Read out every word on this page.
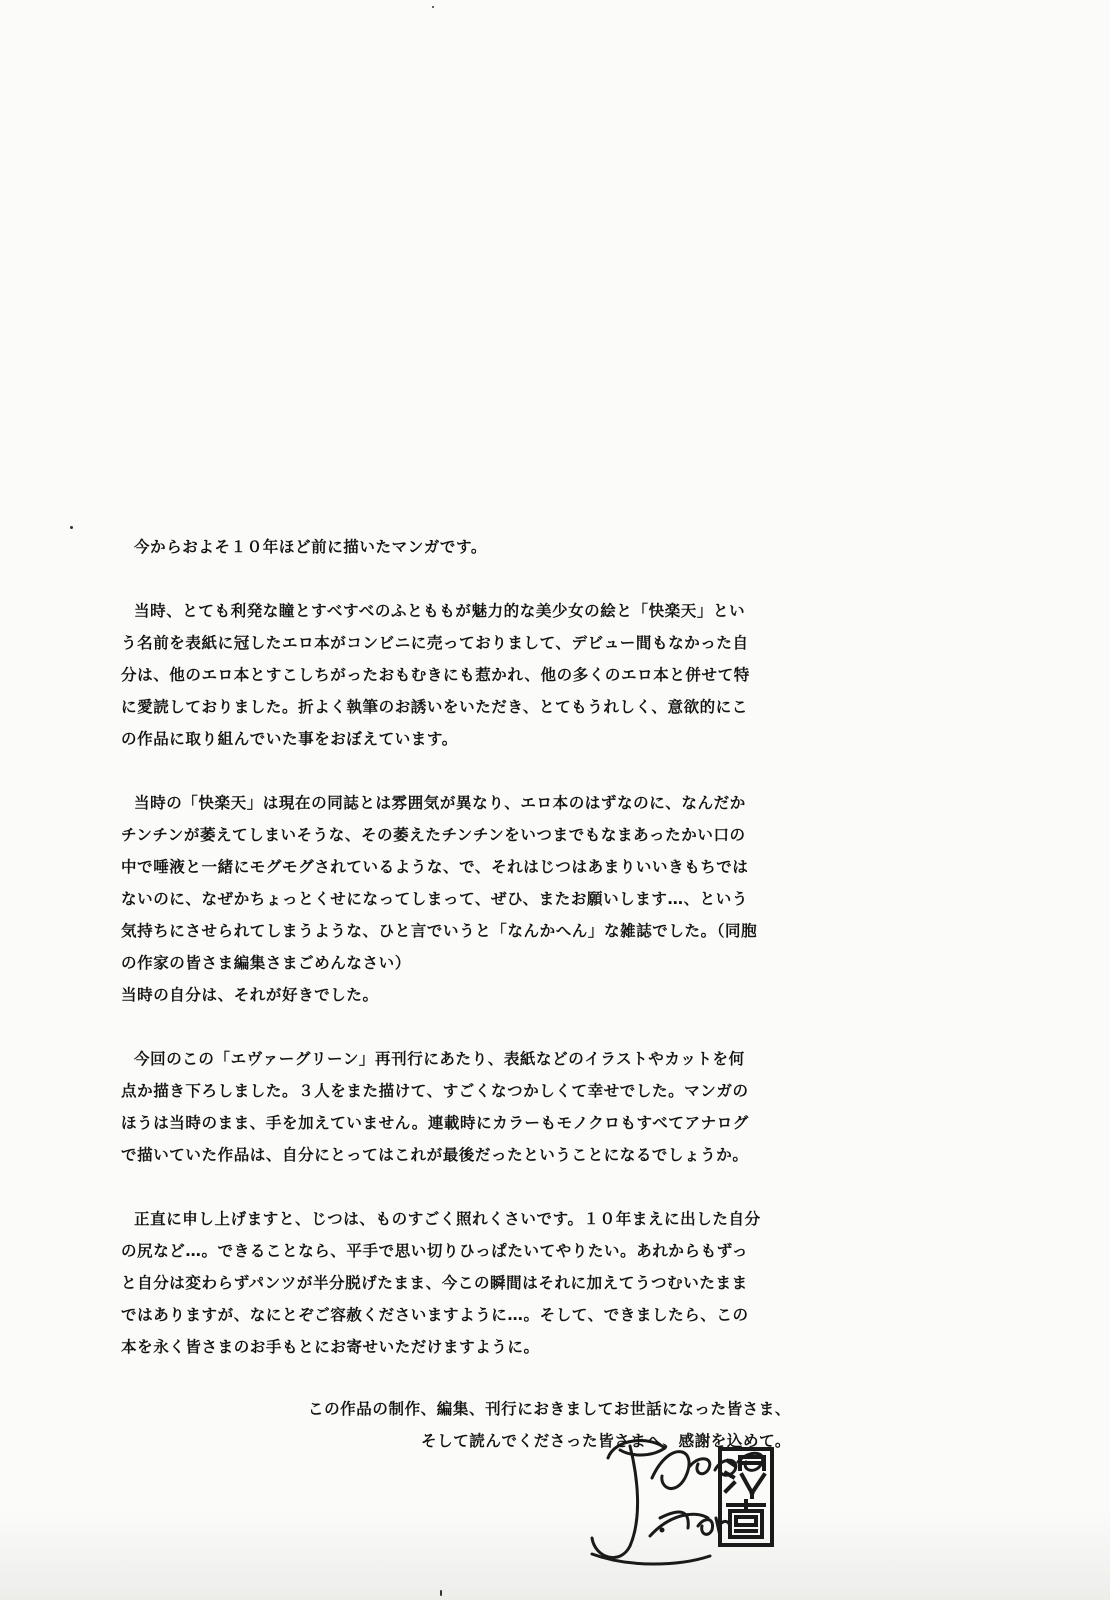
今からおよそ１０年ほど前に描いたマンガです。
当時、とても利発な瞳とすべすべのふとももが魅力的な美少女の絵と「快楽天」とい
う名前を表紙に冠したエロ本がコンビニに売っておりまして、デビュー間もなかった自
分は、他のエロ本とすこしちがったおもむきにも惹かれ、他の多くのエロ本と併せて特
に愛読しておりました。折よく執筆のお誘いをいただき、とてもうれしく、意欲的にこ
の作品に取り組んでいた事をおぼえています。
当時の「快楽天」は現在の同誌とは雰囲気が異なり、エロ本のはずなのに、なんだか
チンチンが萎えてしまいそうな、その萎えたチンチンをいつまでもなまあったかい口の
中で唾液と一緒にモグモグされているような、で、それはじつはあまりいいきもちでは
ないのに、なぜかちょっとくせになってしまって、ぜひ、またお願いします…、という
気持ちにさせられてしまうような、ひと言でいうと「なんかへん」な雑誌でした。（同胞
の作家の皆さま編集さまごめんなさい）
当時の自分は、それが好きでした。
今回のこの「エヴァーグリーン」再刊行にあたり、表紙などのイラストやカットを何
点か描き下ろしました。３人をまた描けて、すごくなつかしくて幸せでした。マンガの
ほうは当時のまま、手を加えていません。連載時にカラーもモノクロもすべてアナログ
で描いていた作品は、自分にとってはこれが最後だったということになるでしょうか。
正直に申し上げますと、じつは、ものすごく照れくさいです。１０年まえに出した自分
の尻など…。できることなら、平手で思い切りひっぱたいてやりたい。あれからもずっ
と自分は変わらずパンツが半分脱げたまま、今この瞬間はそれに加えてうつむいたまま
ではありますが、なにとぞご容赦くださいますように…。そして、できましたら、この
本を永く皆さまのお手もとにお寄せいただけますように。
この作品の制作、編集、刊行におきましてお世話になった皆さま、
そして読んでくださった皆さまへ、感謝を込めて。
